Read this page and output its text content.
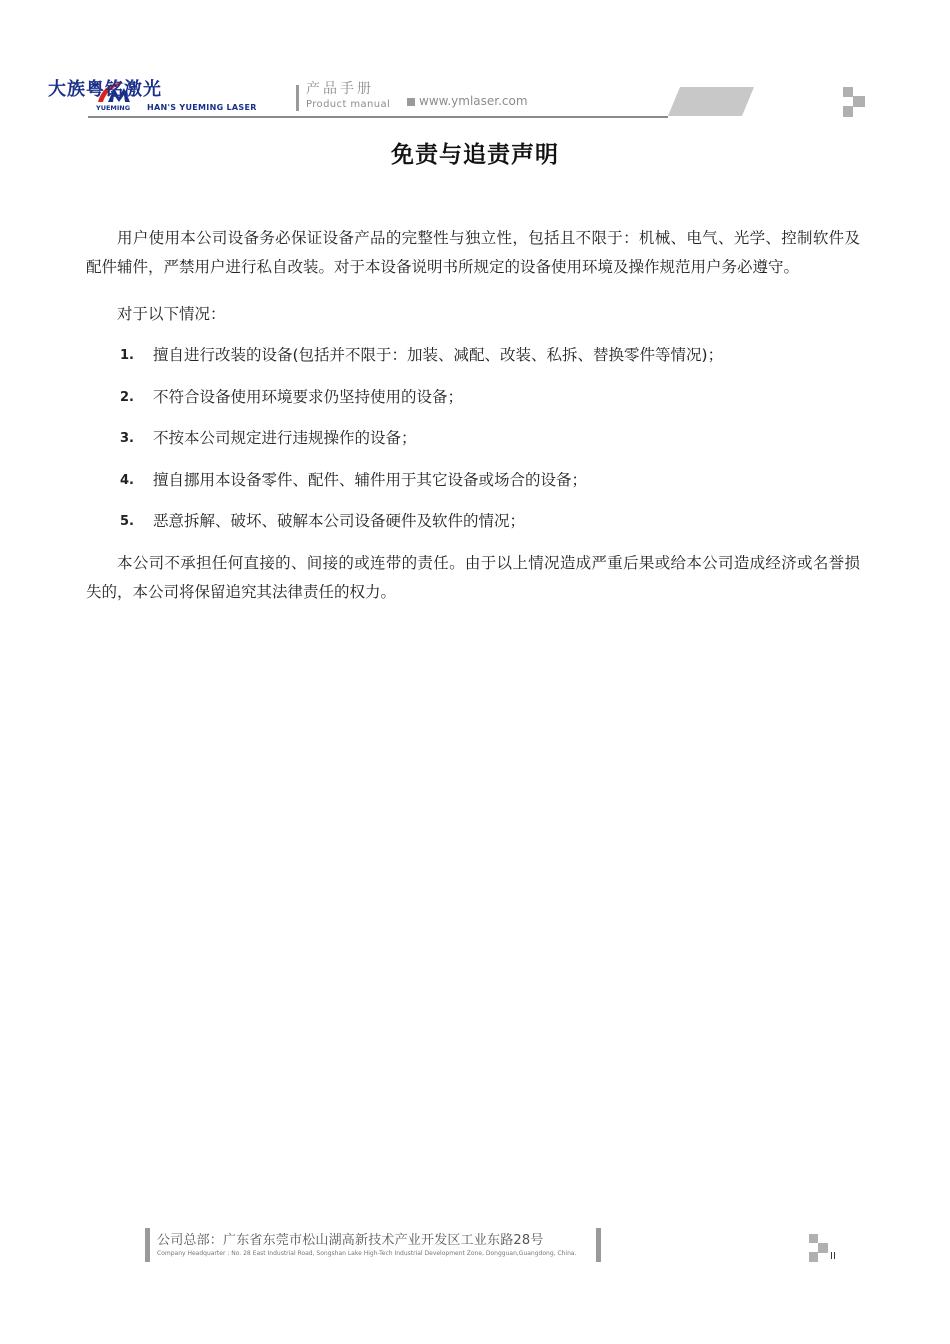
大族粤铭激光
YUEMING HAN'S YUEMING LASER
产品手册
Product manual www.ymlaser.com
免责与追责声明

用户使用本公司设备务必保证设备产品的完整性与独立性，包括且不限于：机械、电气、光学、控制软件及配件辅件，严禁用户进行私自改装。对于本设备说明书所规定的设备使用环境及操作规范用户务必遵守。

对于以下情况：

1. 擅自进行改装的设备(包括并不限于：加装、减配、改装、私拆、替换零件等情况)；
2. 不符合设备使用环境要求仍坚持使用的设备；
3. 不按本公司规定进行违规操作的设备；
4. 擅自挪用本设备零件、配件、辅件用于其它设备或场合的设备；
5. 恶意拆解、破坏、破解本公司设备硬件及软件的情况；

本公司不承担任何直接的、间接的或连带的责任。由于以上情况造成严重后果或给本公司造成经济或名誉损失的，本公司将保留追究其法律责任的权力。

公司总部：广东省东莞市松山湖高新技术产业开发区工业东路28号
Company Headquarter : No. 28 East Industrial Road, Songshan Lake High-Tech Industrial Development Zone, Dongguan,Guangdong, China.	II
